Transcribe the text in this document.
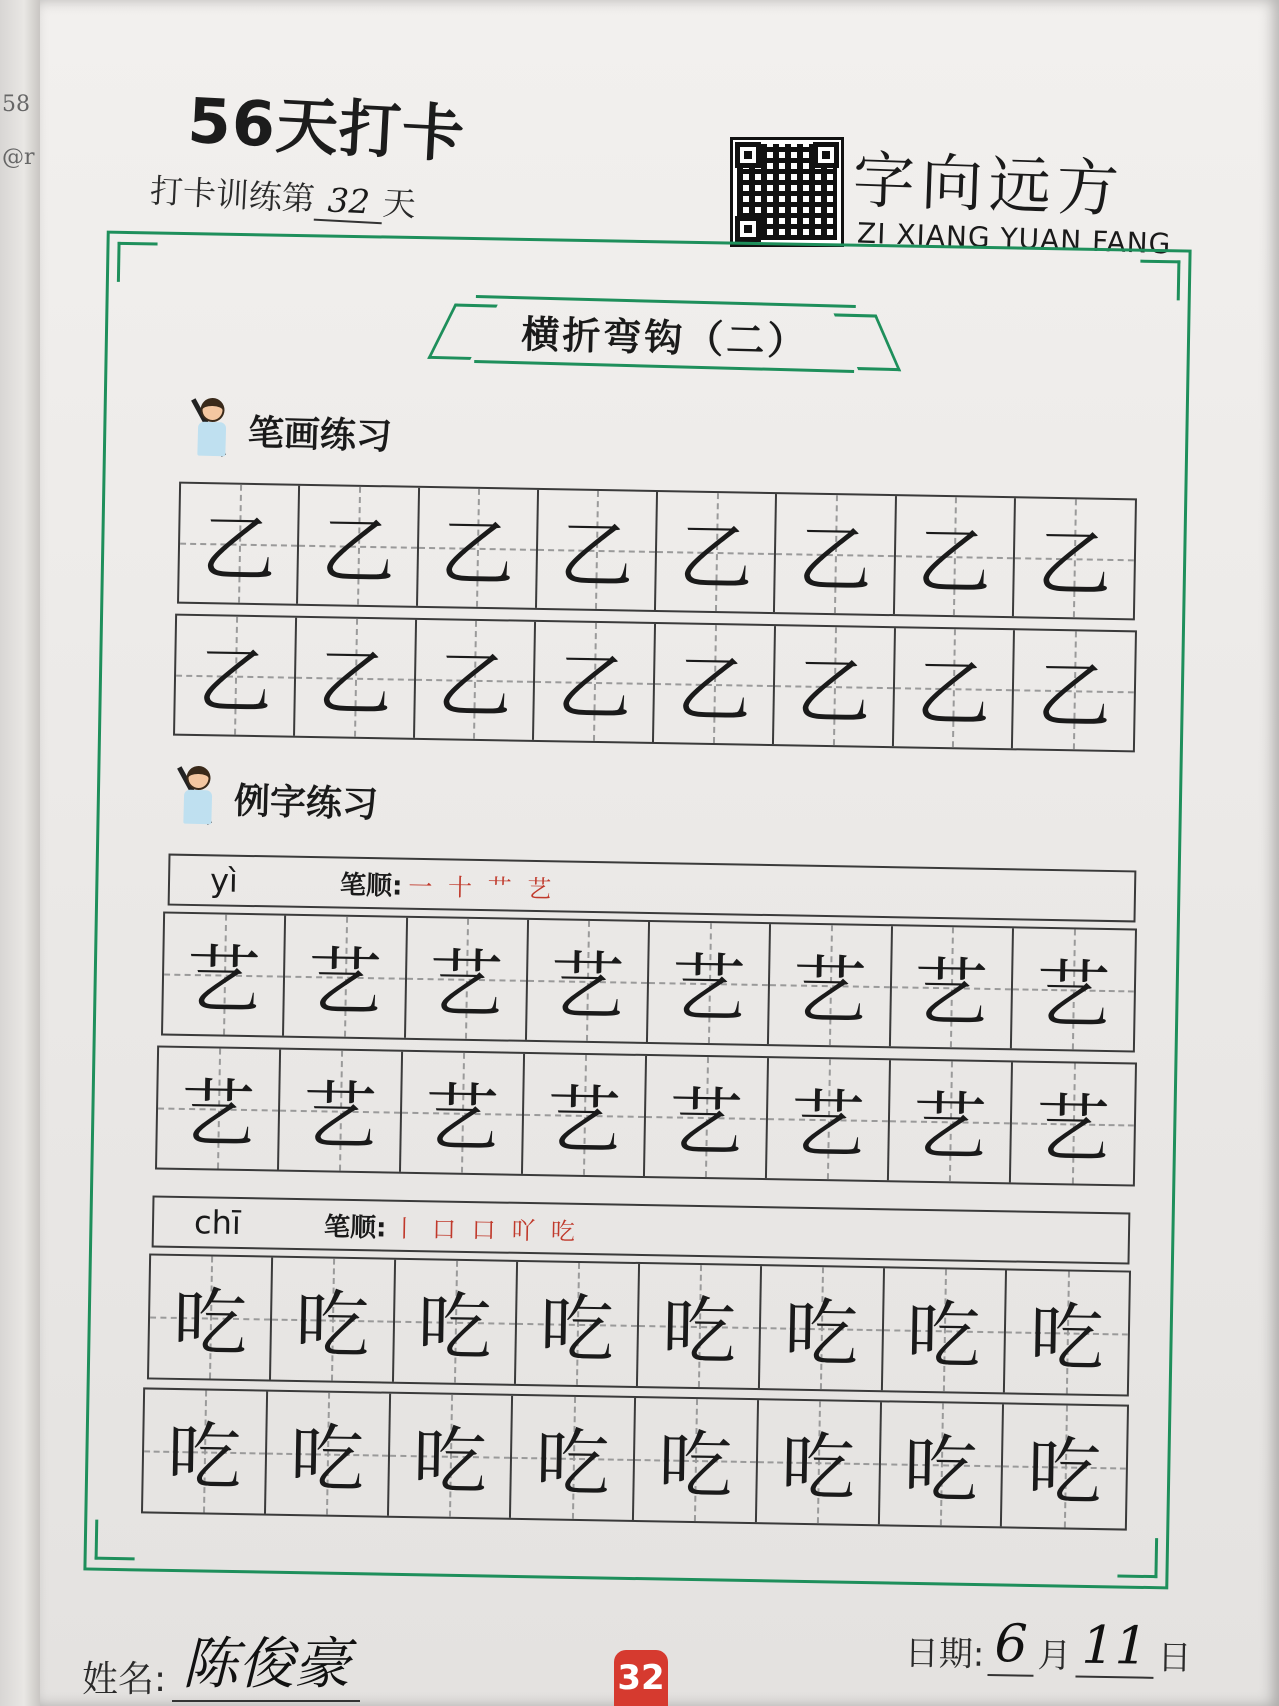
58
@r 56天打卡
打卡训练第 32 天	字向远方
ZI XIANG YUAN FANG
横折弯钩（二）
笔画练习
乙 乙 乙 乙 乙 乙 乙 乙
乙 乙 乙 乙 乙 乙 乙 乙
例字练习
yì	笔顺: 一 十 艹 艺
艺 艺 艺 艺 艺 艺 艺 艺
艺 艺 艺 艺 艺 艺 艺 艺
chī	笔顺: 丨 口 口 吖 吃
吃 吃 吃 吃 吃 吃 吃 吃
吃 吃 吃 吃 吃 吃 吃 吃
姓名: 陈俊豪	32
日期: 6 月 11 日
